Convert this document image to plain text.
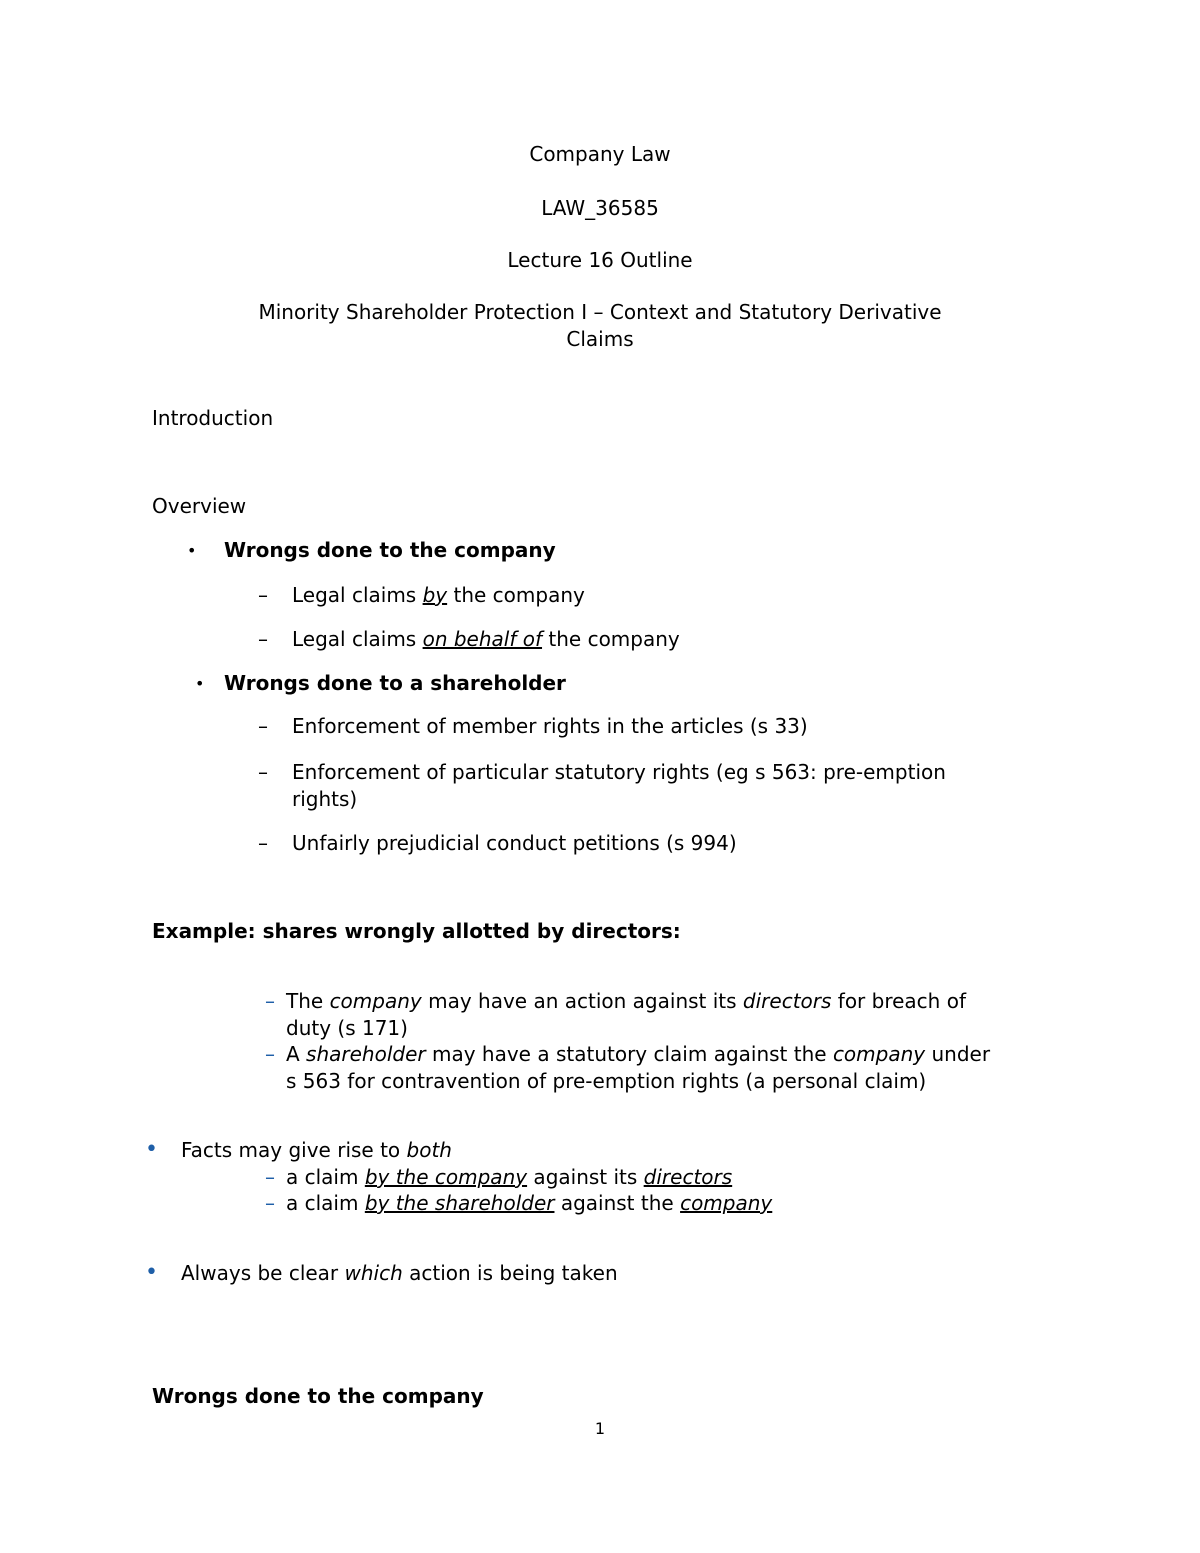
Company Law
LAW_36585
Lecture 16 Outline
Minority Shareholder Protection I – Context and Statutory Derivative
Claims
Introduction
Overview
• Wrongs done to the company
– Legal claims by the company
– Legal claims on behalf of the company
• Wrongs done to a shareholder
– Enforcement of member rights in the articles (s 33)
– Enforcement of particular statutory rights (eg s 563: pre-emption
rights)
– Unfairly prejudicial conduct petitions (s 994)
Example: shares wrongly allotted by directors:
– The company may have an action against its directors for breach of
duty (s 171)
– A shareholder may have a statutory claim against the company under
s 563 for contravention of pre-emption rights (a personal claim)
• Facts may give rise to both
– a claim by the company against its directors
– a claim by the shareholder against the company
• Always be clear which action is being taken
Wrongs done to the company
1
